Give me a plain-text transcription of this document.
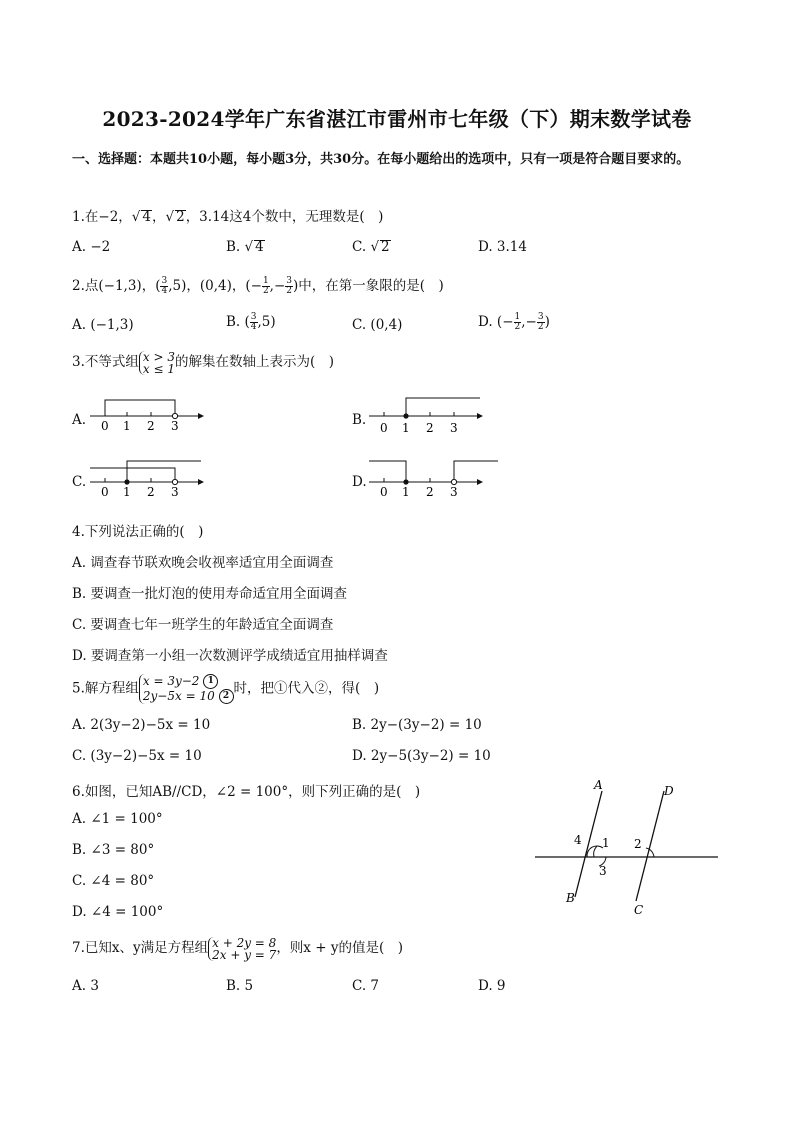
2023-2024学年广东省湛江市雷州市七年级（下）期末数学试卷
一、选择题：本题共10小题，每小题3分，共30分。在每小题给出的选项中，只有一项是符合题目要求的。
1.在−2，√ 4，√ 2，3.14这4个数中，无理数是(　)
A. −2	B. √ 4	C. √ 2	D. 3.14
2.点(−1,3)，( $\frac{3}{4} ,5$)，(0,4)，(− $\frac{1}{2}$ ,− $\frac{3}{2}$ )中，在第一象限的是(　)
A. (−1,3)	B. ( $\frac{3}{4} ,5$)	C. (0,4)	D. (− $\frac{1}{2}$ ,− $\frac{3}{2}$ )
3.不等式组 x > 3
x ≤ 1的解集在数轴上表示为(　)
A. 0 1 2 3	B. 0 1 2 3
C.
0 1 2 3
D.
0 1 2 3
4.下列说法正确的(　)
A. 调查春节联欢晚会收视率适宜用全面调查
B. 要调查一批灯泡的使用寿命适宜用全面调查
C. 要调查七年一班学生的年龄适宜全面调查
D. 要调查第一小组一次数测评学成绩适宜用抽样调查
5.解方程组 x = 3y−2 1
2y−5x = 10 2 时，把①代入②，得(　)
A. 2(3y−2)−5x = 10	B. 2y−(3y−2) = 10
C. (3y−2)−5x = 10	D. 2y−5(3y−2) = 10
6.如图，已知AB//CD，∠2 = 100°，则下列正确的是(　)
A. ∠1 = 100°
B. ∠3 = 80°
C. ∠4 = 80°
D. ∠4 = 100°
A
B
C
D
1 2
3
4
7.已知x、y满足方程组 x + 2y = 8
2x + y = 7，则x + y的值是(　)
A. 3	B. 5	C. 7	D. 9
